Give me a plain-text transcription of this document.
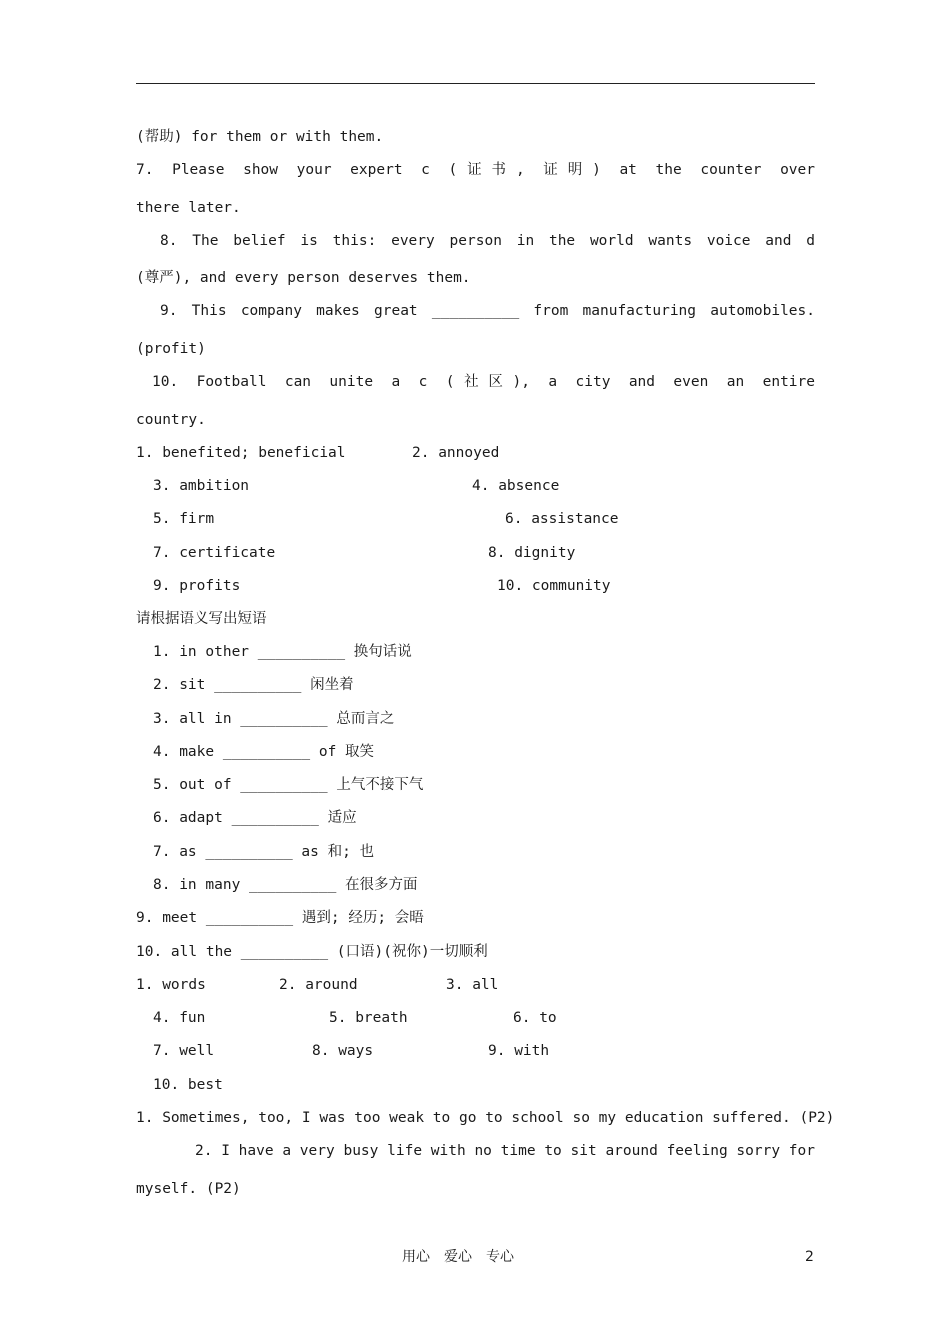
(帮助) for them or with them.
7. Please show your expert c (证书, 证明) at the counter over
there later.
8. The belief is this: every person in the world wants voice and d
(尊严), and every person deserves them.
9. This company makes great __________ from manufacturing automobiles.
(profit)
10. Football can unite a c (社区), a city and even an entire
country.
1. benefited; beneficial	2. annoyed
3. ambition	4. absence
5. firm	6. assistance
7. certificate	8. dignity
9. profits	10. community
请根据语义写出短语
1. in other __________ 换句话说
2. sit __________ 闲坐着
3. all in __________ 总而言之
4. make __________ of 取笑
5. out of __________ 上气不接下气
6. adapt __________ 适应
7. as __________ as 和; 也
8. in many __________ 在很多方面
9. meet __________ 遇到; 经历; 会晤
10. all the __________ (口语)(祝你)一切顺利
1. words	2. around	3. all
4. fun	5. breath	6. to
7. well	8. ways	9. with
10. best
1. Sometimes, too, I was too weak to go to school so my education suffered. (P2)
2. I have a very busy life with no time to sit around feeling sorry for
myself. (P2)
用心　爱心　专心	2
